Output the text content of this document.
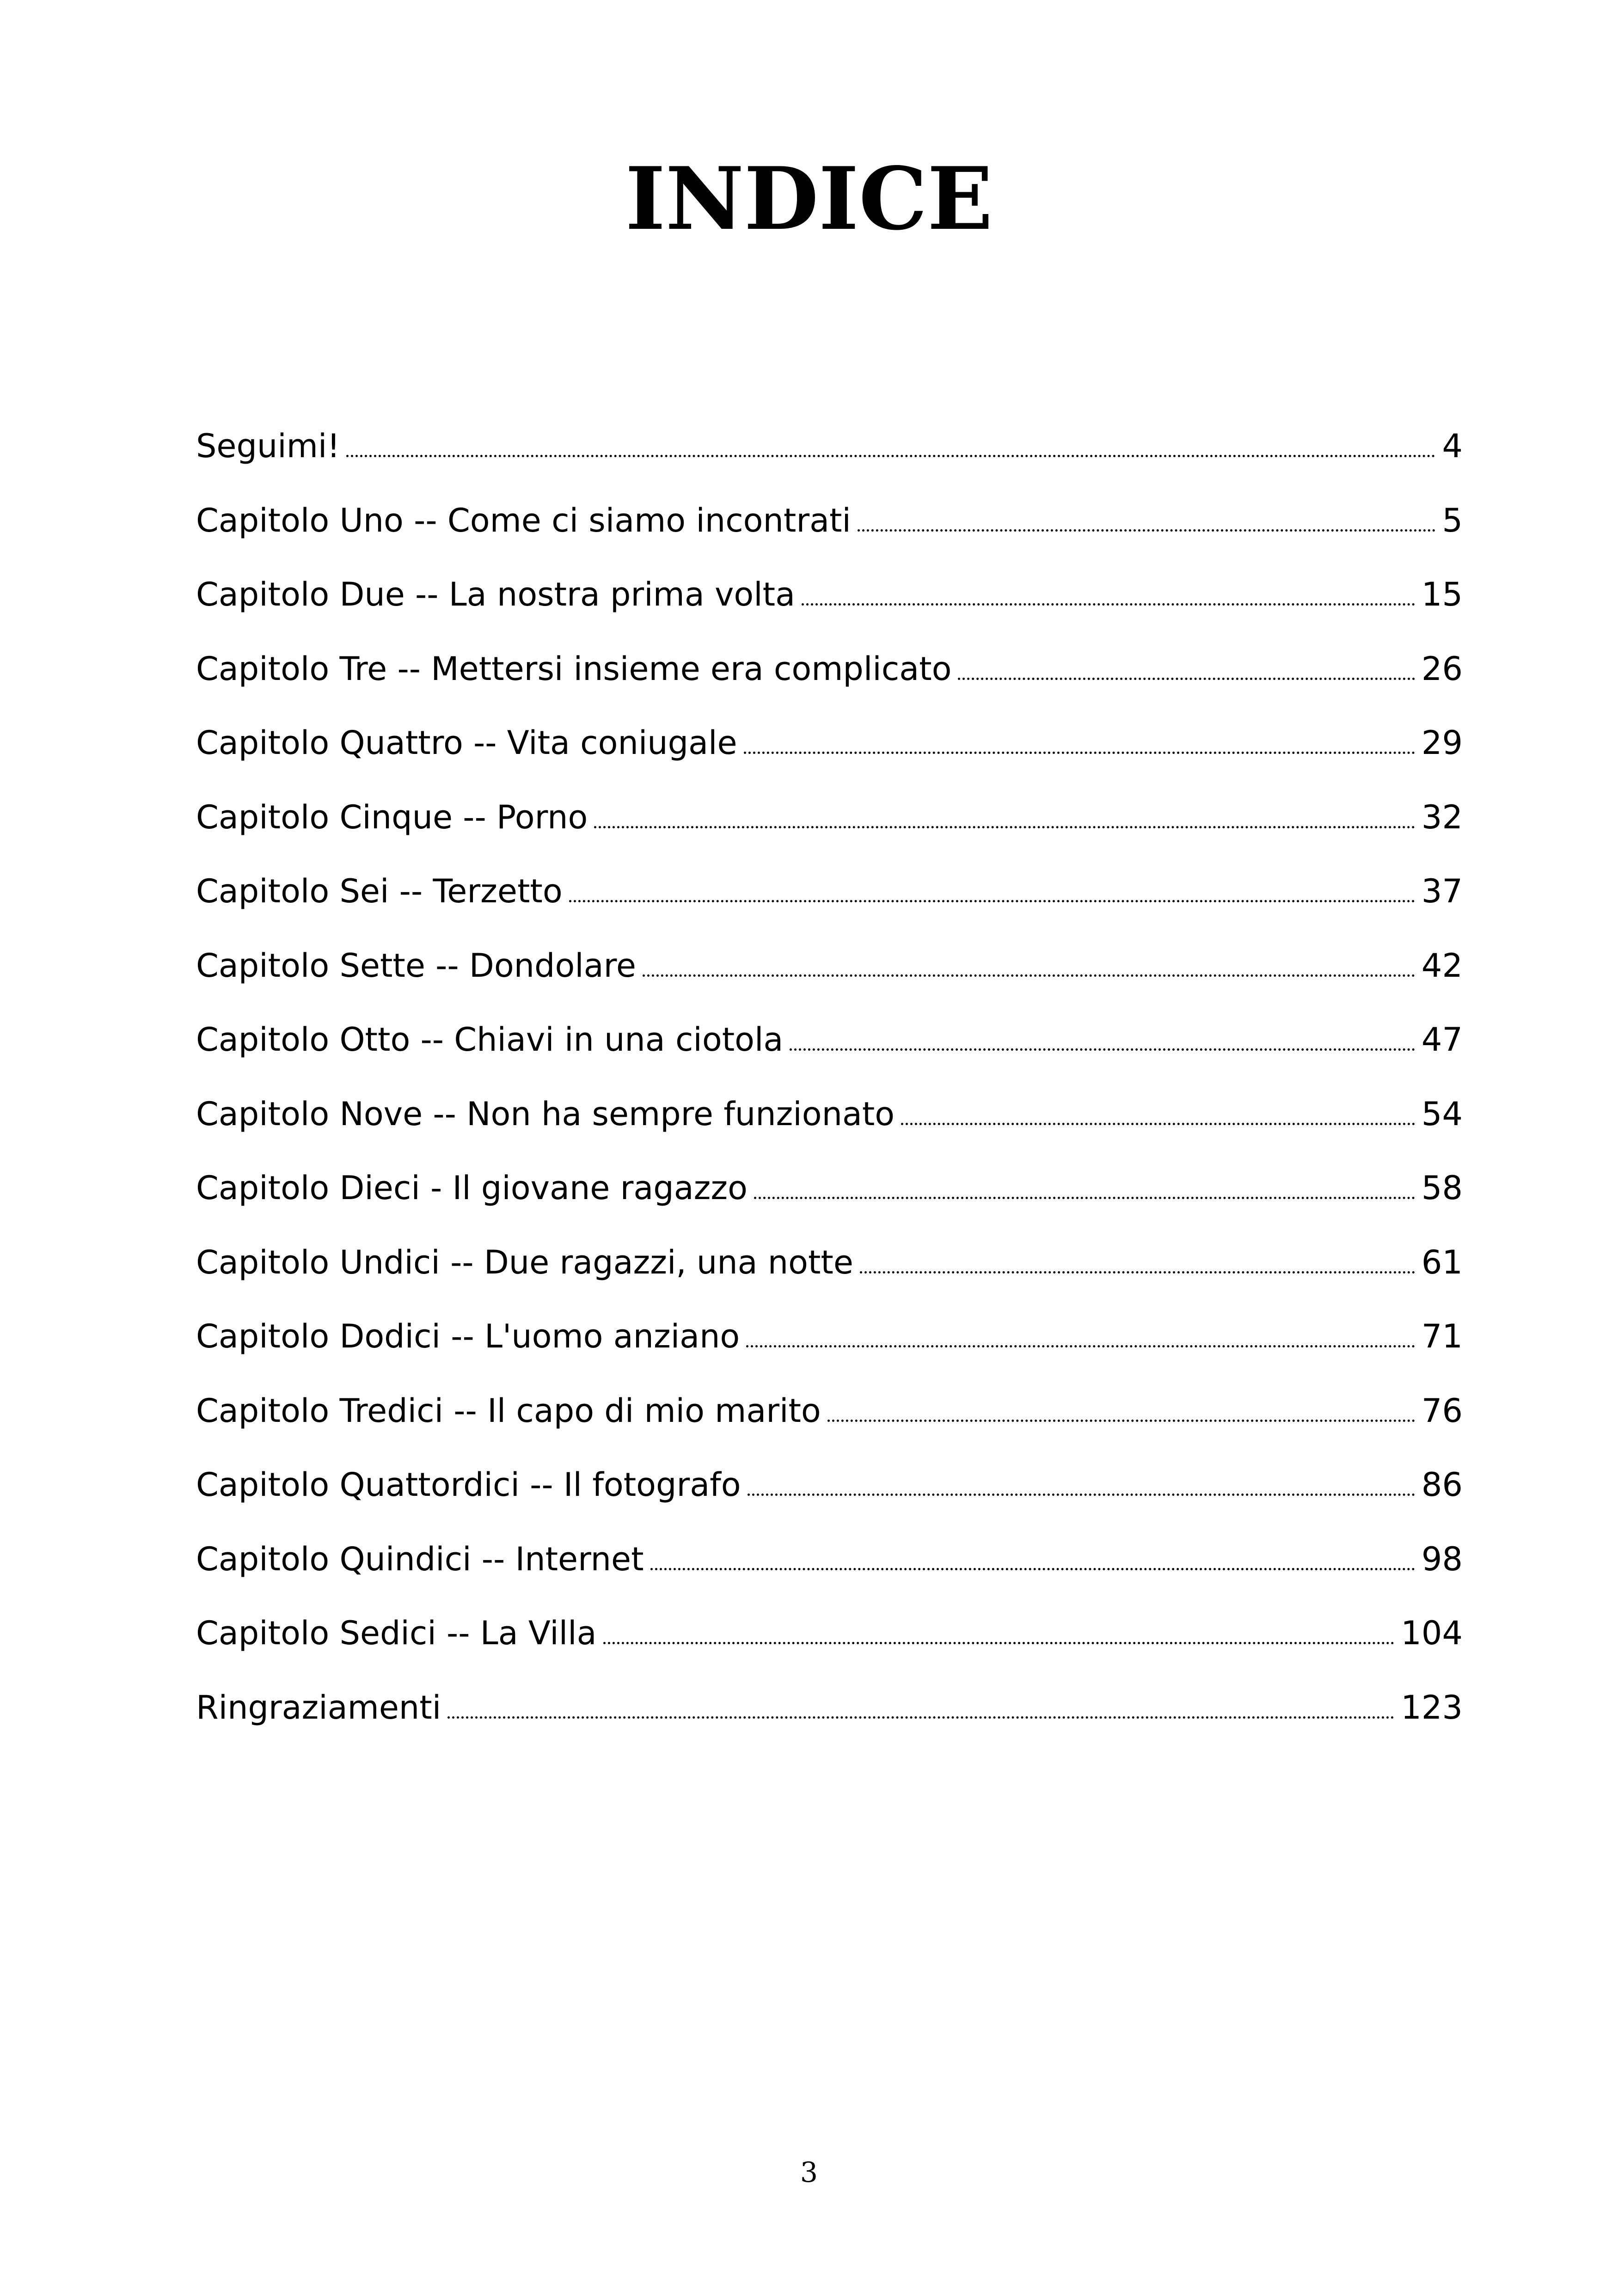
INDICE
Seguimi!	4
Capitolo Uno -- Come ci siamo incontrati	5
Capitolo Due -- La nostra prima volta	15
Capitolo Tre -- Mettersi insieme era complicato	26
Capitolo Quattro -- Vita coniugale	29
Capitolo Cinque -- Porno	32
Capitolo Sei -- Terzetto	37
Capitolo Sette -- Dondolare	42
Capitolo Otto -- Chiavi in una ciotola	47
Capitolo Nove -- Non ha sempre funzionato	54
Capitolo Dieci - Il giovane ragazzo	58
Capitolo Undici -- Due ragazzi, una notte	61
Capitolo Dodici -- L'uomo anziano	71
Capitolo Tredici -- Il capo di mio marito	76
Capitolo Quattordici -- Il fotografo	86
Capitolo Quindici -- Internet	98
Capitolo Sedici -- La Villa	104
Ringraziamenti	123
3
